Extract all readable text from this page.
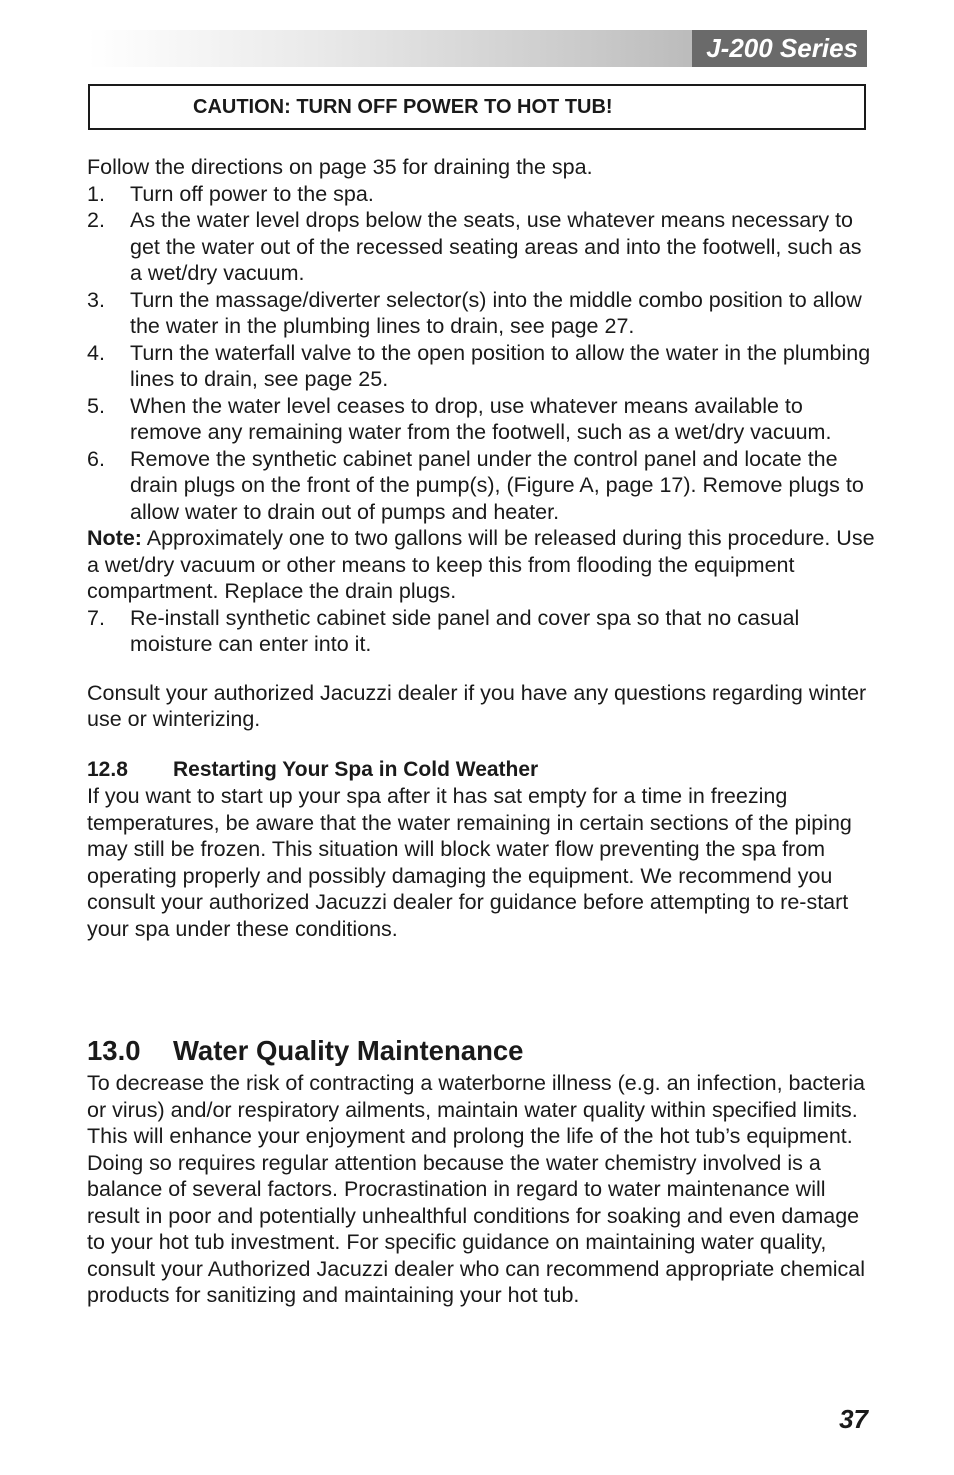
J-200 Series
CAUTION: TURN OFF POWER TO HOT TUB!

Follow the directions on page 35 for draining the spa.

1. Turn off power to the spa.
2. As the water level drops below the seats, use whatever means necessary to get the water out of the recessed seating areas and into the footwell, such as a wet/dry vacuum.
3. Turn the massage/diverter selector(s) into the middle combo position to allow the water in the plumbing lines to drain, see page 27.
4. Turn the waterfall valve to the open position to allow the water in the plumbing lines to drain, see page 25.
5. When the water level ceases to drop, use whatever means available to remove any remaining water from the footwell, such as a wet/dry vacuum.
6. Remove the synthetic cabinet panel under the control panel and locate the drain plugs on the front of the pump(s), (Figure A, page 17). Remove plugs to allow water to drain out of pumps and heater.

Note: Approximately one to two gallons will be released during this procedure. Use a wet/dry vacuum or other means to keep this from flooding the equipment compartment. Replace the drain plugs.

7. Re-install synthetic cabinet side panel and cover spa so that no casual moisture can enter into it.

Consult your authorized Jacuzzi dealer if you have any questions regarding winter use or winterizing.

12.8 Restarting Your Spa in Cold Weather

If you want to start up your spa after it has sat empty for a time in freezing temperatures, be aware that the water remaining in certain sections of the piping may still be frozen. This situation will block water flow preventing the spa from operating properly and possibly damaging the equipment. We recommend you consult your authorized Jacuzzi dealer for guidance before attempting to re-start your spa under these conditions.

13.0 Water Quality Maintenance

To decrease the risk of contracting a waterborne illness (e.g. an infection, bacteria or virus) and/or respiratory ailments, maintain water quality within specified limits. This will enhance your enjoyment and prolong the life of the hot tub’s equipment. Doing so requires regular attention because the water chemistry involved is a balance of several factors. Procrastination in regard to water maintenance will result in poor and potentially unhealthful conditions for soaking and even damage to your hot tub investment. For specific guidance on maintaining water quality, consult your Authorized Jacuzzi dealer who can recommend appropriate chemical products for sanitizing and maintaining your hot tub.

37
